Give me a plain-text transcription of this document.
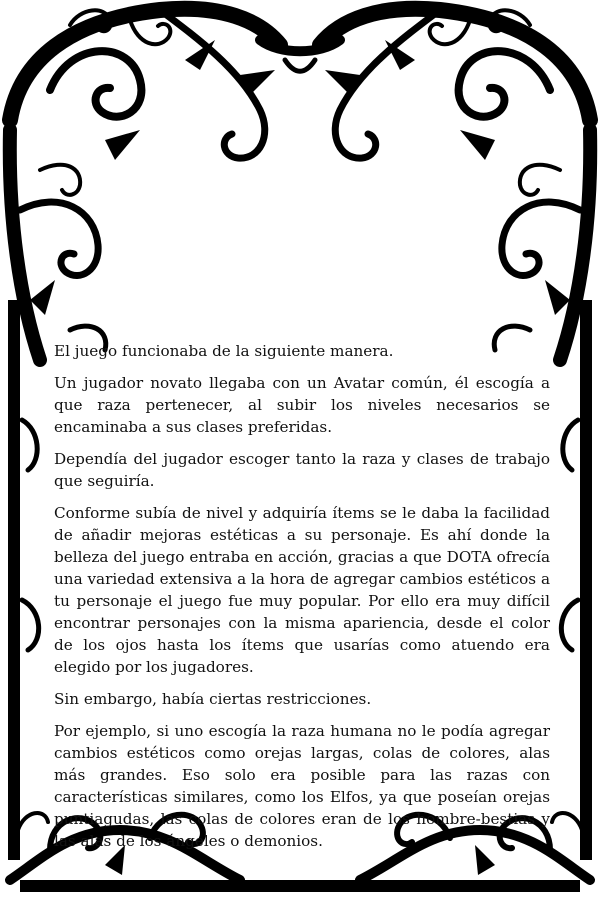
El juego funcionaba de la siguiente manera.

Un jugador novato llegaba con un Avatar común, él escogía a que raza pertenecer, al subir los niveles necesarios se encaminaba a sus clases preferidas.

Dependía del jugador escoger tanto la raza y clases de trabajo que seguiría.

Conforme subía de nivel y adquiría ítems se le daba la facilidad de añadir mejoras estéticas a su personaje. Es ahí donde la belleza del juego entraba en acción, gracias a que DOTA ofrecía una variedad extensiva a la hora de agregar cambios estéticos a tu personaje el juego fue muy popular. Por ello era muy difícil encontrar personajes con la misma apariencia, desde el color de los ojos hasta los ítems que usarías como atuendo era elegido por los jugadores.

Sin embargo, había ciertas restricciones.

Por ejemplo, si uno escogía la raza humana no le podía agregar cambios estéticos como orejas largas, colas de colores, alas más grandes. Eso solo era posible para las razas con características similares, como los Elfos, ya que poseían orejas puntiagudas, las colas de colores eran de los hombre-bestias y las alas de los ángeles o demonios.
